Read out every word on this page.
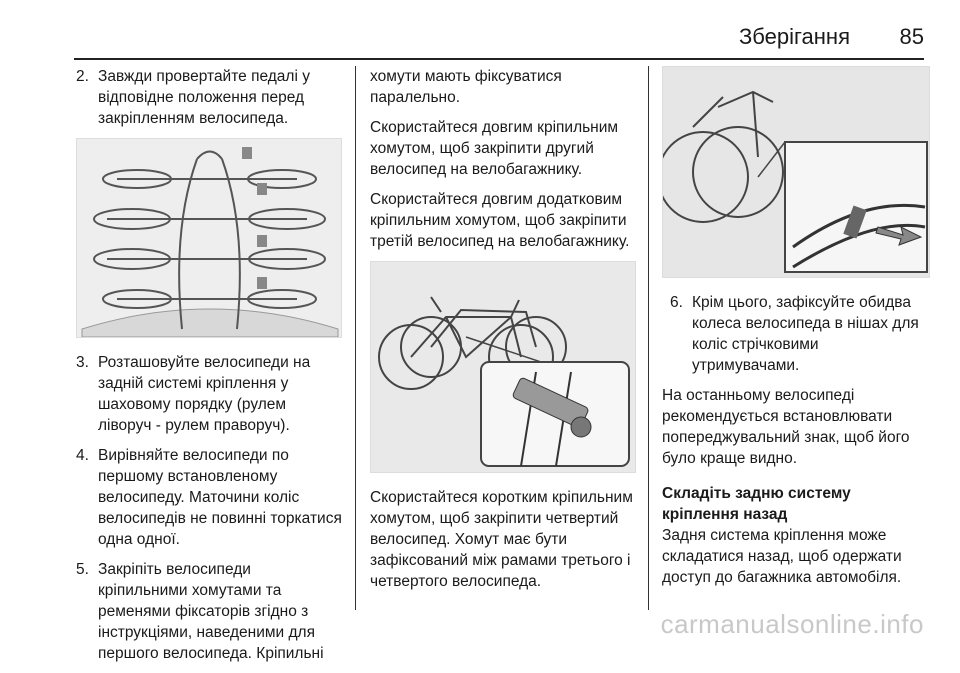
Зберігання 85
2. Завжди провертайте педалі у відповідне положення перед закріпленням велосипеда.
3. Розташовуйте велосипеди на задній системі кріплення у шаховому порядку (рулем ліворуч - рулем праворуч).
4. Вирівняйте велосипеди по першому встановленому велосипеду. Маточини коліс велосипедів не повинні торкатися одна одної.
5. Закріпіть велосипеди кріпильними хомутами та ременями фіксаторів згідно з інструкціями, наведеними для першого велосипеда. Кріпильні

хомути мають фіксуватися паралельно.

Скористайтеся довгим кріпильним хомутом, щоб закріпити другий велосипед на велобагажнику.

Скористайтеся довгим додатковим кріпильним хомутом, щоб закріпити третій велосипед на велобагажнику.

Скористайтеся коротким кріпильним хомутом, щоб закріпити четвертий велосипед. Хомут має бути зафіксований між рамами третього і четвертого велосипеда.

6. Крім цього, зафіксуйте обидва колеса велосипеда в нішах для коліс стрічковими утримувачами.

На останньому велосипеді рекомендується встановлювати попереджувальний знак, щоб його було краще видно.

Складіть задню систему кріплення назад

Задня система кріплення може складатися назад, щоб одержати доступ до багажника автомобіля.

carmanualsonline.info
